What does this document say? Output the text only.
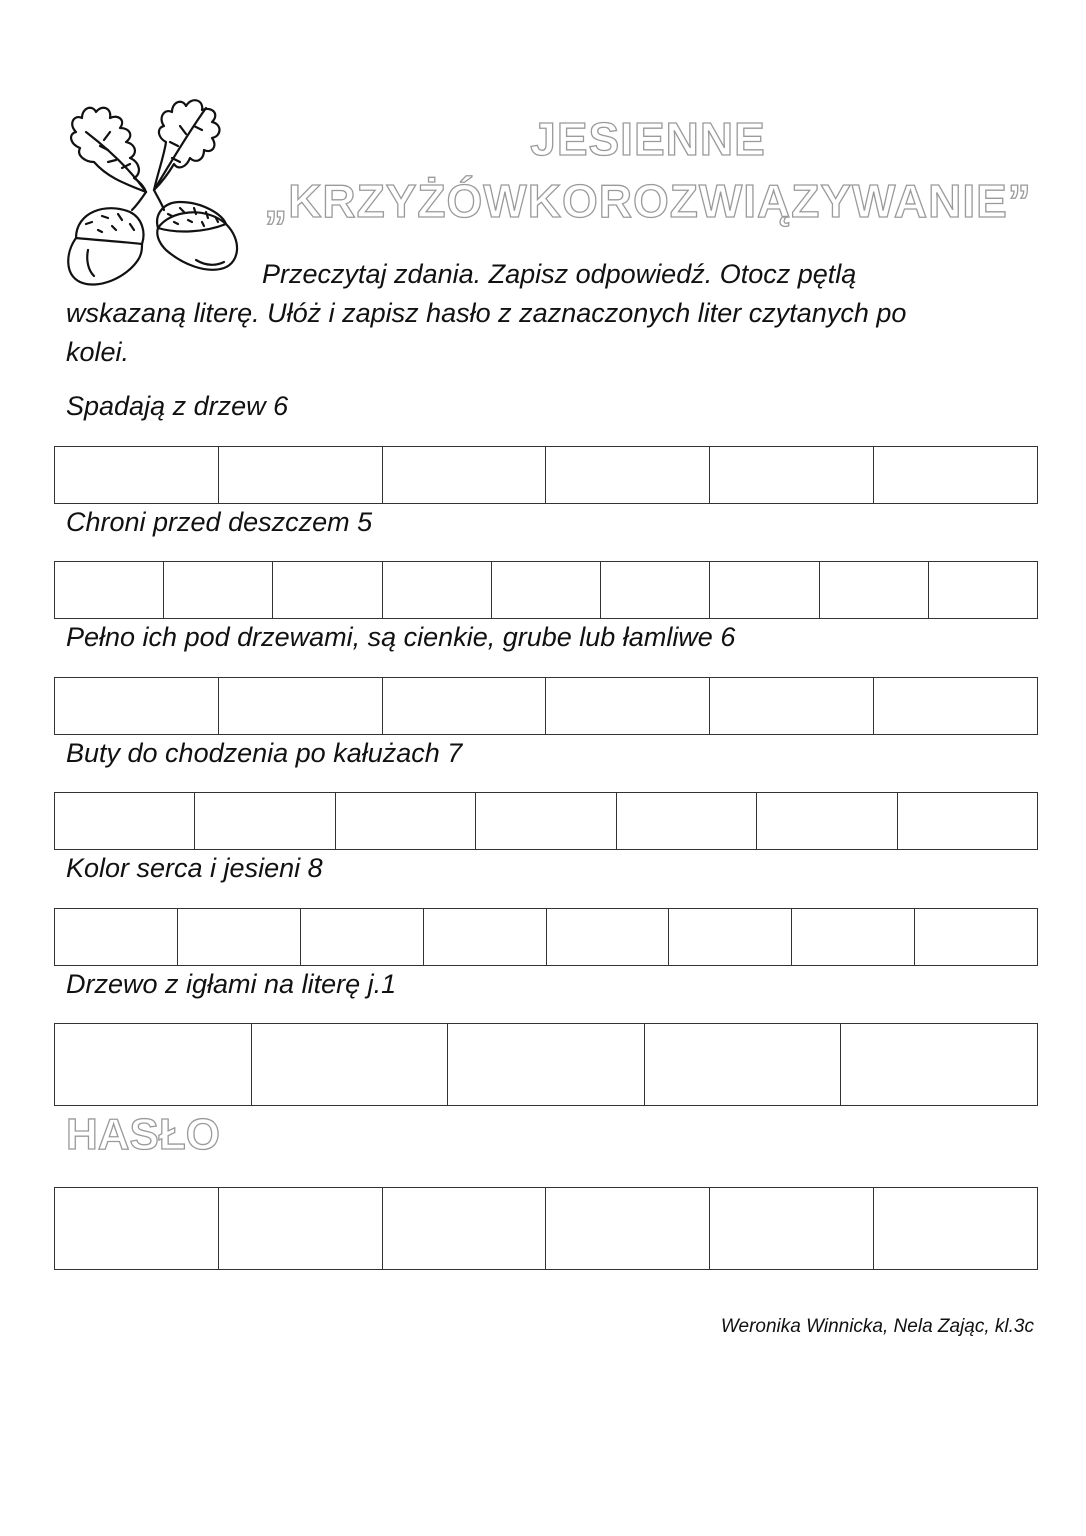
JESIENNE
„KRZYŻÓWKOROZWIĄZYWANIE”

Przeczytaj zdania. Zapisz odpowiedź. Otocz pętlą
wskazaną literę. Ułóż i zapisz hasło z zaznaczonych liter czytanych po
kolei.

Spadają z drzew 6
Chroni przed deszczem 5
Pełno ich pod drzewami, są cienkie, grube lub łamliwe 6
Buty do chodzenia po kałużach 7
Kolor serca i jesieni 8
Drzewo z igłami na literę j.1
HASŁO
Weronika Winnicka, Nela Zając, kl.3c
